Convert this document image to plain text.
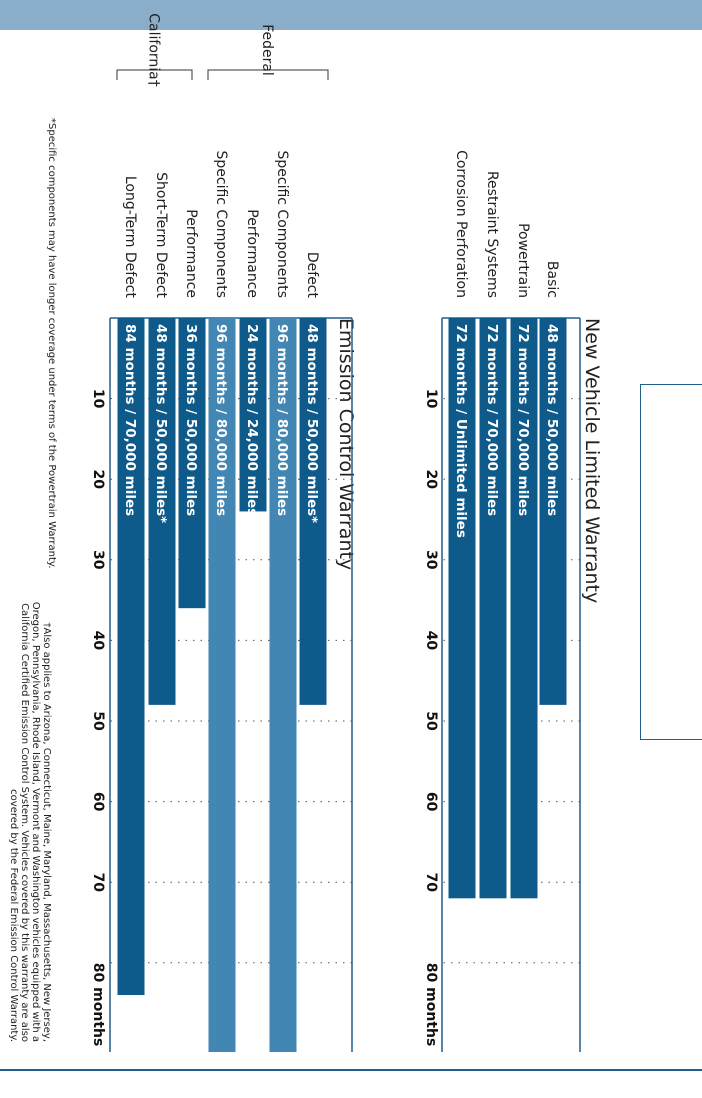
New Vehicle Limited Warranty
10
20
30
40
50
60
70
80 months
48 months / 50,000 miles
Basic
72 months / 70,000 miles
Powertrain
72 months / 70,000 miles
Restraint Systems
72 months / Unlimited miles
Corrosion Perforation
Emission Control Warranty
10
20
30
40
50
60
70
80 months
48 months / 50,000 miles*
Defect
96 months / 80,000 miles
Specific Components
24 months / 24,000 miles
Performance
96 months / 80,000 miles
Specific Components
36 months / 50,000 miles
Performance
48 months / 50,000 miles*
Short-Term Defect
84 months / 70,000 miles
Long-Term Defect
Federal
California†
*Specific components may have longer coverage under terms of the Powertrain Warranty.
†Also applies to Arizona, Connecticut, Maine, Maryland, Massachusetts, New Jersey,
Oregon, Pennsylvania, Rhode Island, Vermont and Washington vehicles equipped with a
California Certified Emission Control System. Vehicles covered by this warranty are also
covered by the Federal Emission Control Warranty.
